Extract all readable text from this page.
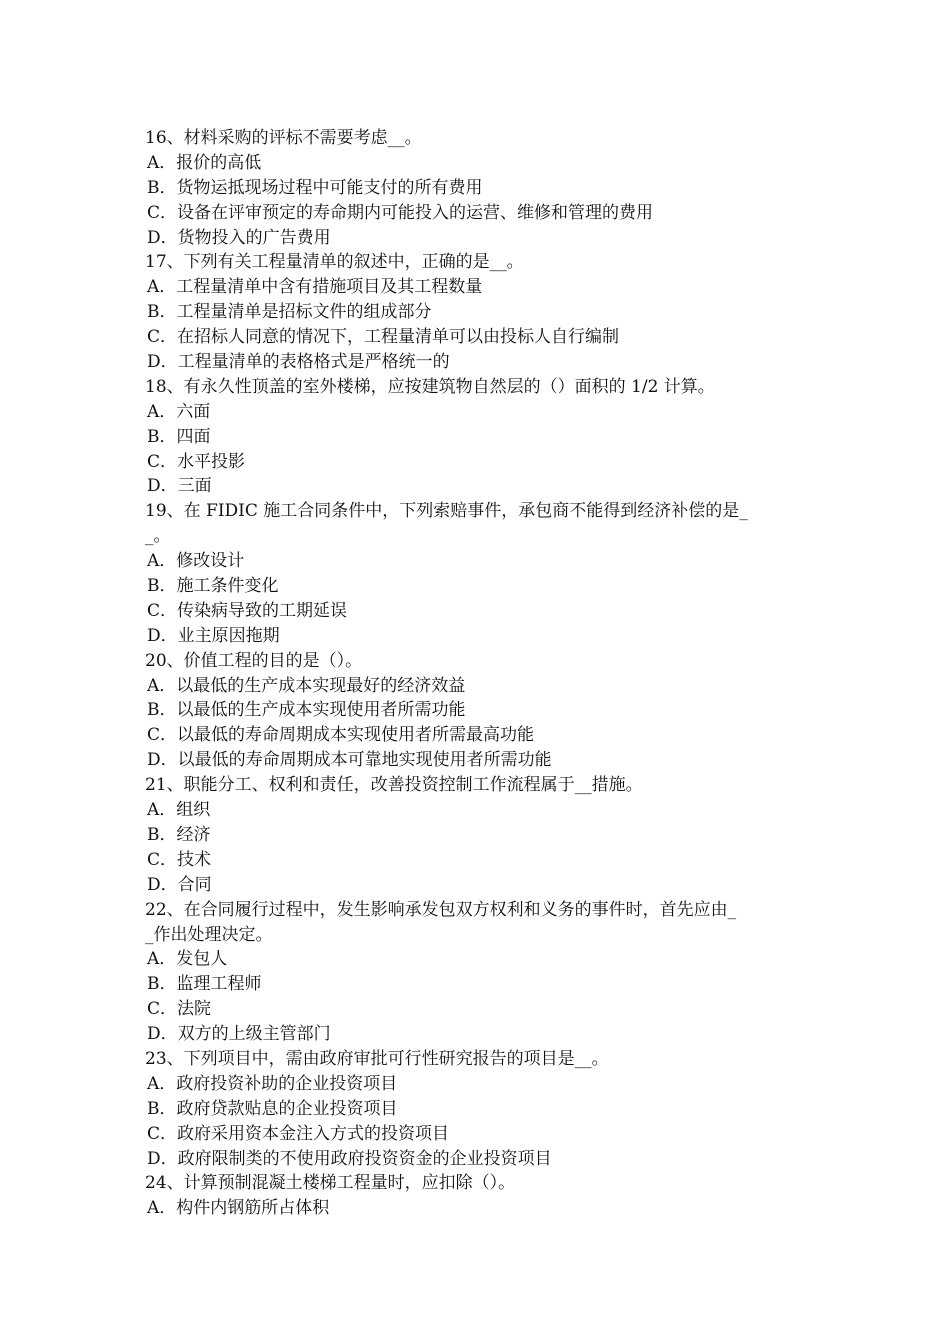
16、材料采购的评标不需要考虑__。
A．报价的高低
B．货物运抵现场过程中可能支付的所有费用
C．设备在评审预定的寿命期内可能投入的运营、维修和管理的费用
D．货物投入的广告费用
17、下列有关工程量清单的叙述中，正确的是__。
A．工程量清单中含有措施项目及其工程数量
B．工程量清单是招标文件的组成部分
C．在招标人同意的情况下，工程量清单可以由投标人自行编制
D．工程量清单的表格格式是严格统一的
18、有永久性顶盖的室外楼梯，应按建筑物自然层的（）面积的 1/2 计算。
A．六面
B．四面
C．水平投影
D．三面
19、在 FIDIC 施工合同条件中，下列索赔事件，承包商不能得到经济补偿的是_
_。
A．修改设计
B．施工条件变化
C．传染病导致的工期延误
D．业主原因拖期
20、价值工程的目的是（）。
A．以最低的生产成本实现最好的经济效益
B．以最低的生产成本实现使用者所需功能
C．以最低的寿命周期成本实现使用者所需最高功能
D．以最低的寿命周期成本可靠地实现使用者所需功能
21、职能分工、权利和责任，改善投资控制工作流程属于__措施。
A．组织
B．经济
C．技术
D．合同
22、在合同履行过程中，发生影响承发包双方权利和义务的事件时，首先应由_
_作出处理决定。
A．发包人
B．监理工程师
C．法院
D．双方的上级主管部门
23、下列项目中，需由政府审批可行性研究报告的项目是__。
A．政府投资补助的企业投资项目
B．政府贷款贴息的企业投资项目
C．政府采用资本金注入方式的投资项目
D．政府限制类的不使用政府投资资金的企业投资项目
24、计算预制混凝土楼梯工程量时，应扣除（）。
A．构件内钢筋所占体积
